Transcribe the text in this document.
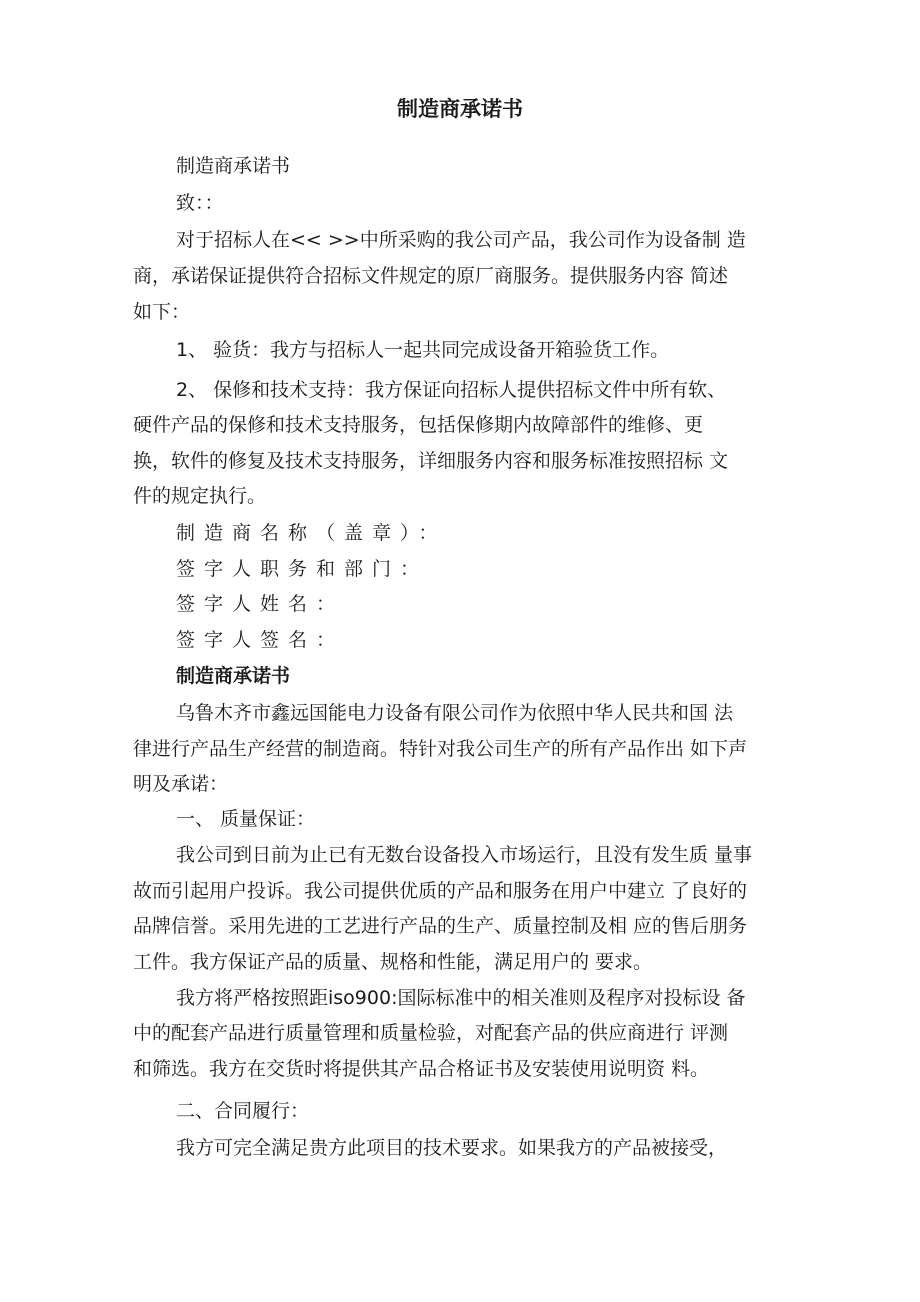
制造商承诺书

制造商承诺书

致：：

对于招标人在<< >>中所采购的我公司产品，我公司作为设备制 造

商，承诺保证提供符合招标文件规定的原厂商服务。提供服务内容 简述

如下：

1、 验货：我方与招标人一起共同完成设备开箱验货工作。

2、 保修和技术支持：我方保证向招标人提供招标文件中所有软、

硬件产品的保修和技术支持服务，包括保修期内故障部件的维修、更

换，软件的修复及技术支持服务，详细服务内容和服务标准按照招标 文

件的规定执行。

制造商名称（盖章）：

签字人职务和部门：

签字人姓名：

签字人签名：

制造商承诺书

乌鲁木齐市鑫远国能电力设备有限公司作为依照中华人民共和国 法

律进行产品生产经营的制造商。特针对我公司生产的所有产品作出 如下声

明及承诺：

一、 质量保证：

我公司到日前为止已有无数台设备投入市场运行，且没有发生质 量事

故而引起用户投诉。我公司提供优质的产品和服务在用户中建立 了良好的

品牌信誉。采用先进的工艺进行产品的生产、质量控制及相 应的售后朋务

工件。我方保证产品的质量、规格和性能，满足用户的 要求。

我方将严格按照距iso900:国际标准中的相关准则及程序对投标设 备

中的配套产品进行质量管理和质量检验，对配套产品的供应商进行 评测

和筛选。我方在交货时将提供其产品合格证书及安装使用说明资 料。

二、合同履行：

我方可完全满足贵方此项目的技术要求。如果我方的产品被接受，
